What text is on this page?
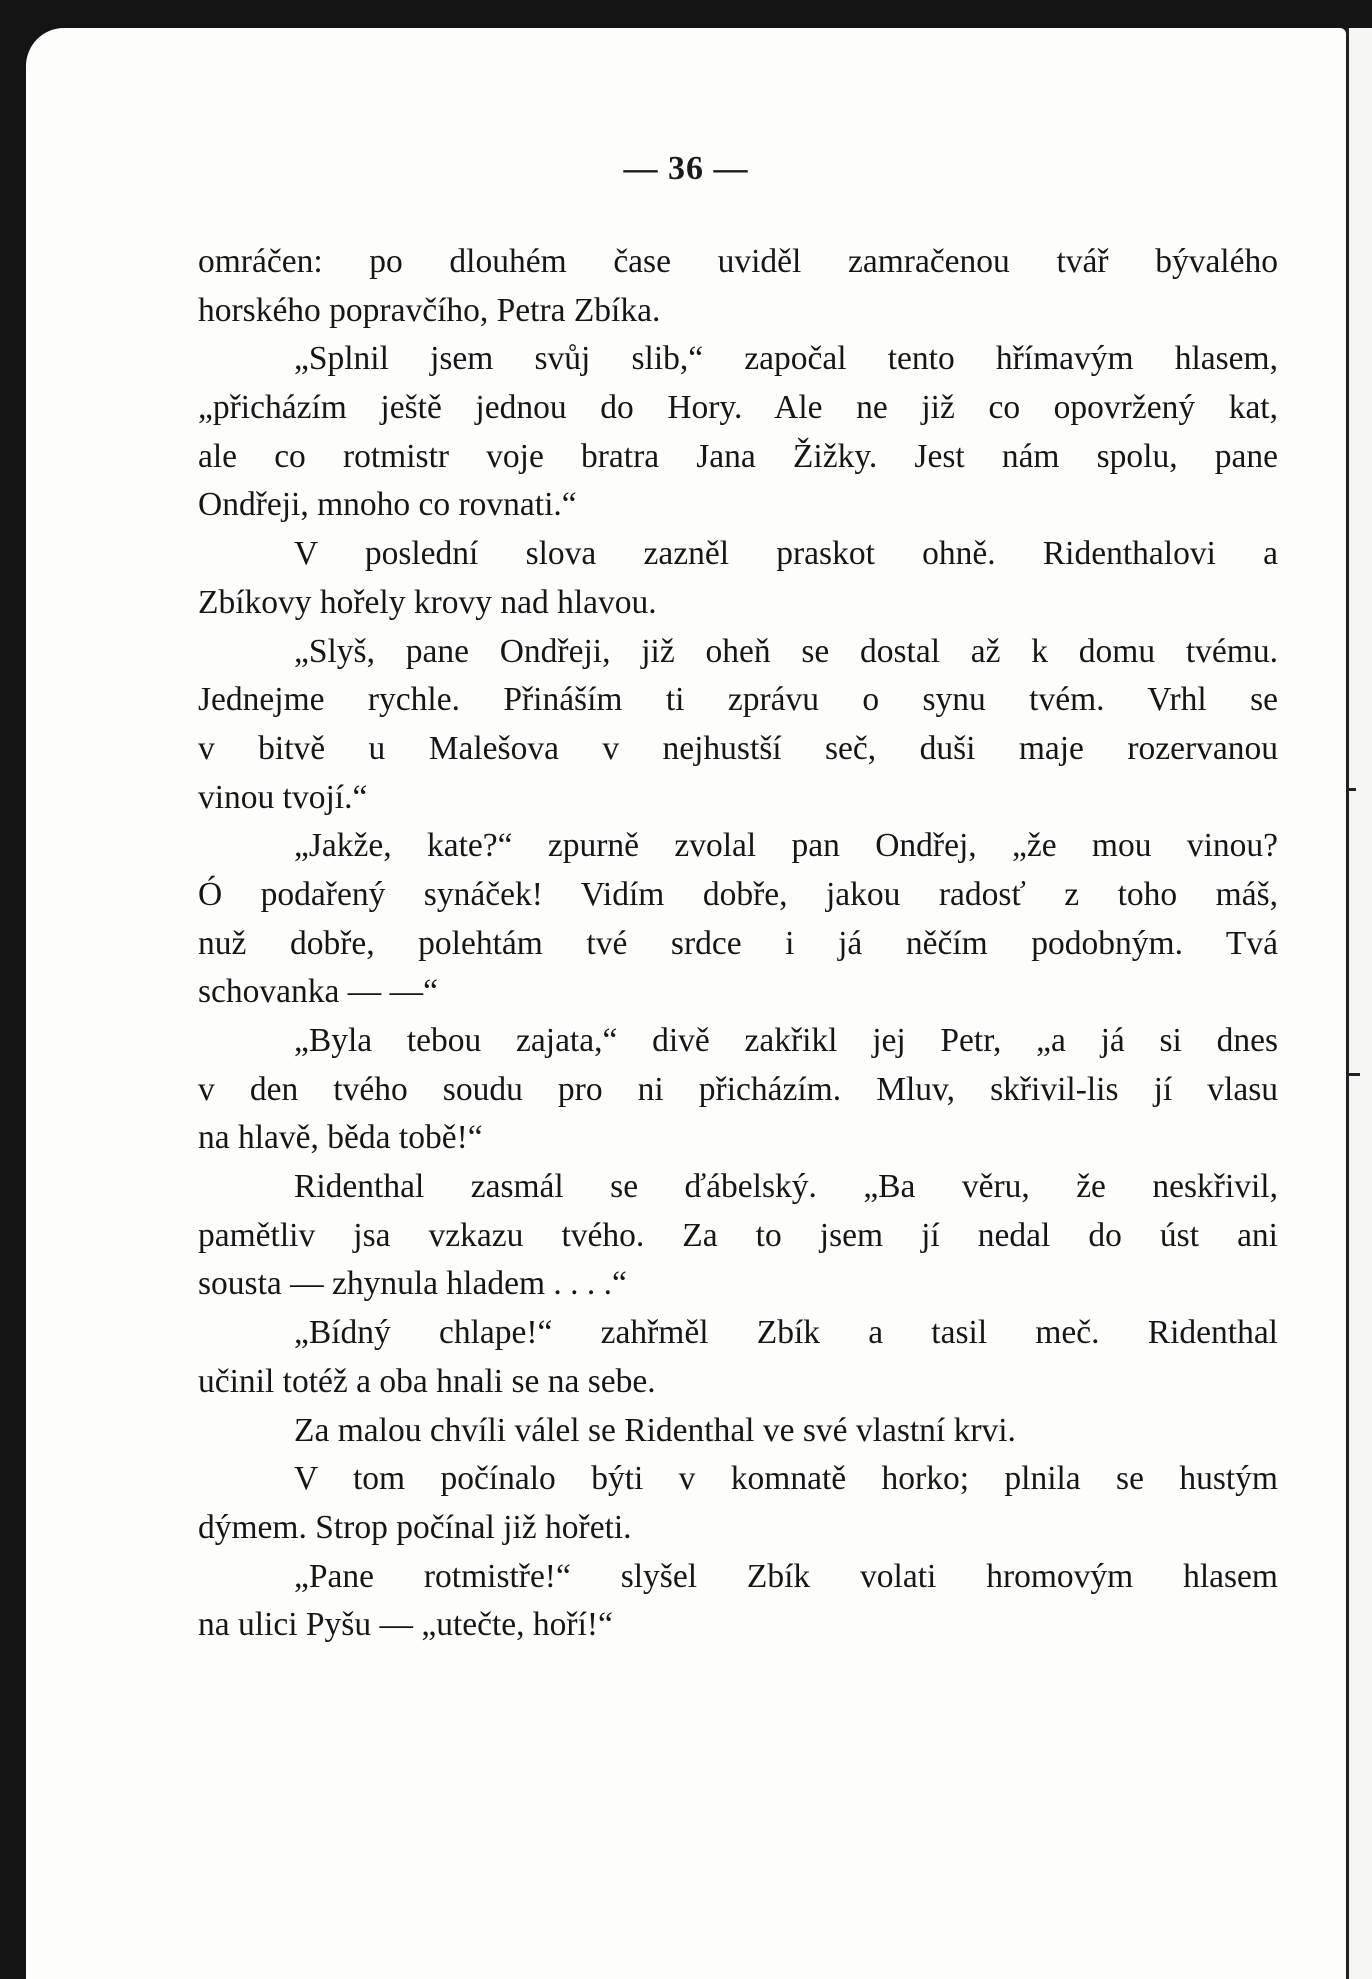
— 36 —
omráčen: po dlouhém čase uviděl zamračenou tvář bývalého
horského popravčího, Petra Zbíka.
„Splnil jsem svůj slib,“ započal tento hřímavým hlasem,
„přicházím ještě jednou do Hory. Ale ne již co opovržený kat,
ale co rotmistr voje bratra Jana Žižky. Jest nám spolu, pane
Ondřeji, mnoho co rovnati.“
V poslední slova zazněl praskot ohně. Ridenthalovi a
Zbíkovy hořely krovy nad hlavou.
„Slyš, pane Ondřeji, již oheň se dostal až k domu tvému.
Jednejme rychle. Přináším ti zprávu o synu tvém. Vrhl se
v bitvě u Malešova v nejhustší seč, duši maje rozervanou
vinou tvojí.“
„Jakže, kate?“ zpurně zvolal pan Ondřej, „že mou vinou?
Ó podařený synáček! Vidím dobře, jakou radosť z toho máš,
nuž dobře, polehtám tvé srdce i já něčím podobným. Tvá
schovanka — —“
„Byla tebou zajata,“ divě zakřikl jej Petr, „a já si dnes
v den tvého soudu pro ni přicházím. Mluv, skřivil-lis jí vlasu
na hlavě, běda tobě!“
Ridenthal zasmál se ďábelský. „Ba věru, že neskřivil,
pamětliv jsa vzkazu tvého. Za to jsem jí nedal do úst ani
sousta — zhynula hladem . . . .“
„Bídný chlape!“ zahřměl Zbík a tasil meč. Ridenthal
učinil totéž a oba hnali se na sebe.
Za malou chvíli válel se Ridenthal ve své vlastní krvi.
V tom počínalo býti v komnatě horko; plnila se hustým
dýmem. Strop počínal již hořeti.
„Pane rotmistře!“ slyšel Zbík volati hromovým hlasem
na ulici Pyšu — „utečte, hoří!“
